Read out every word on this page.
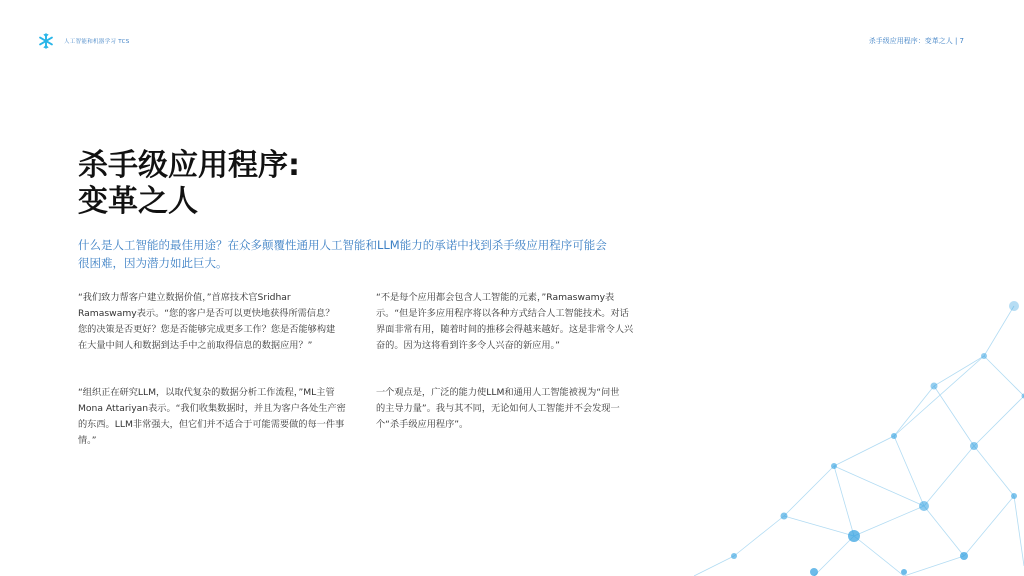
人工智能和机器学习 TCS	杀手级应用程序：变革之人 | 7
杀手级应用程序:
变革之人
什么是人工智能的最佳用途？在众多颠覆性通用人工智能和LLM能力的承诺中找到杀手级应用程序可能会很困难，因为潜力如此巨大。
“我们致力帮客户建立数据价值，”首席技术官Sridhar Ramaswamy表示。“您的客户是否可以更快地获得所需信息？您的决策是否更好？您是否能够完成更多工作？您是否能够构建在大量中间人和数据到达手中之前取得信息的数据应用？”
“不是每个应用都会包含人工智能的元素，”Ramaswamy表示。“但是许多应用程序将以各种方式结合人工智能技术。对话界面非常有用，随着时间的推移会得越来越好。这是非常令人兴奋的。因为这将看到许多令人兴奋的新应用。”
“组织正在研究LLM，以取代复杂的数据分析工作流程，”ML主管Mona Attariyan表示。“我们收集数据时，并且为客户各处生产密的东西。LLM非常强大，但它们并不适合于可能需要做的每一件事情。”
一个观点是，广泛的能力使LLM和通用人工智能被视为“问世的主导力量”。我与其不同，无论如何人工智能并不会发现一个“杀手级应用程序”。
